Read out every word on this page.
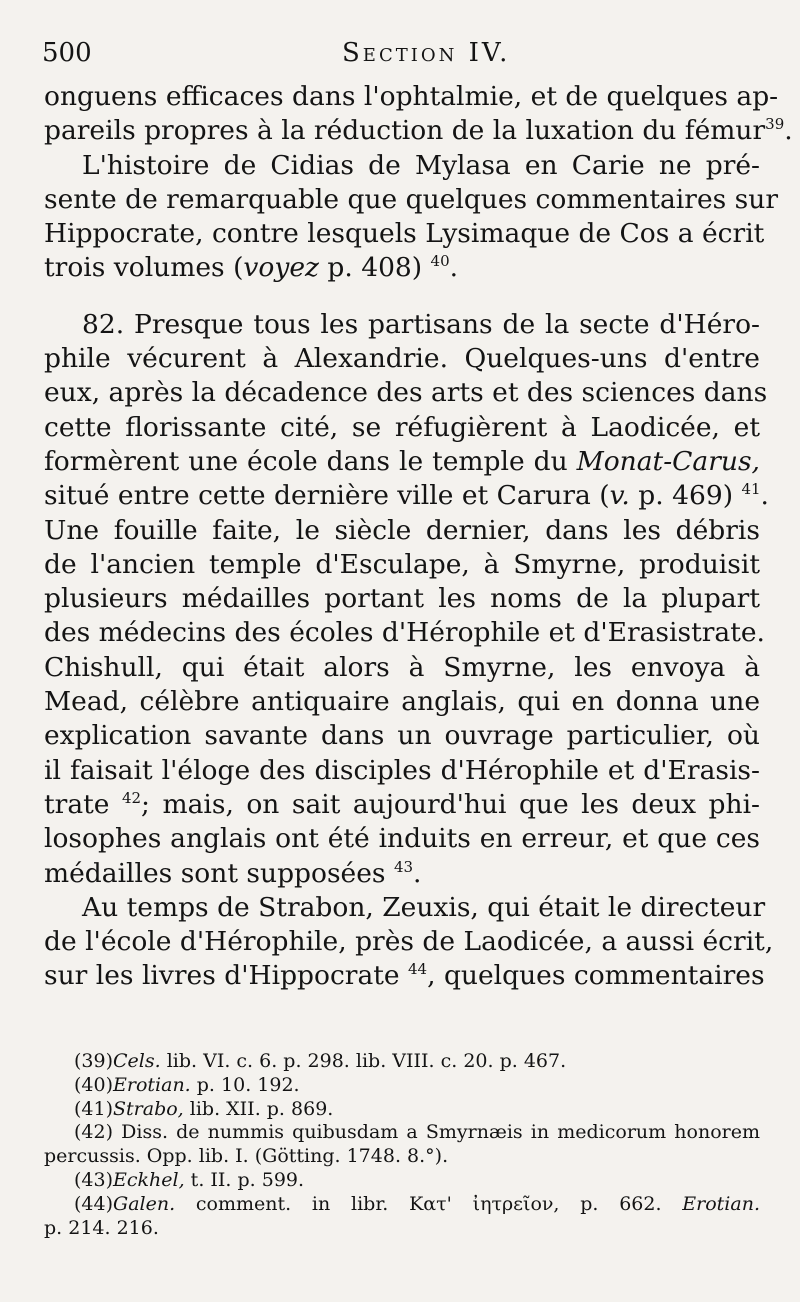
500	Section IV.
onguens efficaces dans l'ophtalmie, et de quelques ap-
pareils propres à la réduction de la luxation du fémur$^{39}$.
L'histoire de Cidias de Mylasa en Carie ne pré-
sente de remarquable que quelques commentaires sur
Hippocrate, contre lesquels Lysimaque de Cos a écrit
trois volumes (voyez p. 408) $^{40}$.
82. Presque tous les partisans de la secte d'Héro-
phile vécurent à Alexandrie. Quelques-uns d'entre
eux, après la décadence des arts et des sciences dans
cette florissante cité, se réfugièrent à Laodicée, et
formèrent une école dans le temple du Monat-Carus,
situé entre cette dernière ville et Carura (v. p. 469) $^{41}$.
Une fouille faite, le siècle dernier, dans les débris
de l'ancien temple d'Esculape, à Smyrne, produisit
plusieurs médailles portant les noms de la plupart
des médecins des écoles d'Hérophile et d'Erasistrate.
Chishull, qui était alors à Smyrne, les envoya à
Mead, célèbre antiquaire anglais, qui en donna une
explication savante dans un ouvrage particulier, où
il faisait l'éloge des disciples d'Hérophile et d'Erasis-
trate $^{42}$; mais, on sait aujourd'hui que les deux phi-
losophes anglais ont été induits en erreur, et que ces
médailles sont supposées $^{43}$.
Au temps de Strabon, Zeuxis, qui était le directeur
de l'école d'Hérophile, près de Laodicée, a aussi écrit,
sur les livres d'Hippocrate $^{44}$, quelques commentaires
(39)Cels. lib. VI. c. 6. p. 298. lib. VIII. c. 20. p. 467.
(40)Erotian. p. 10. 192.
(41)Strabo, lib. XII. p. 869.
(42) Diss. de nummis quibusdam a Smyrnæis in medicorum honorem
percussis. Opp. lib. I. (Götting. 1748. 8.°).
(43)Eckhel, t. II. p. 599.
(44)Galen. comment. in libr. Κατ' ἰητρεῖον, p. 662. Erotian.
p. 214. 216.
